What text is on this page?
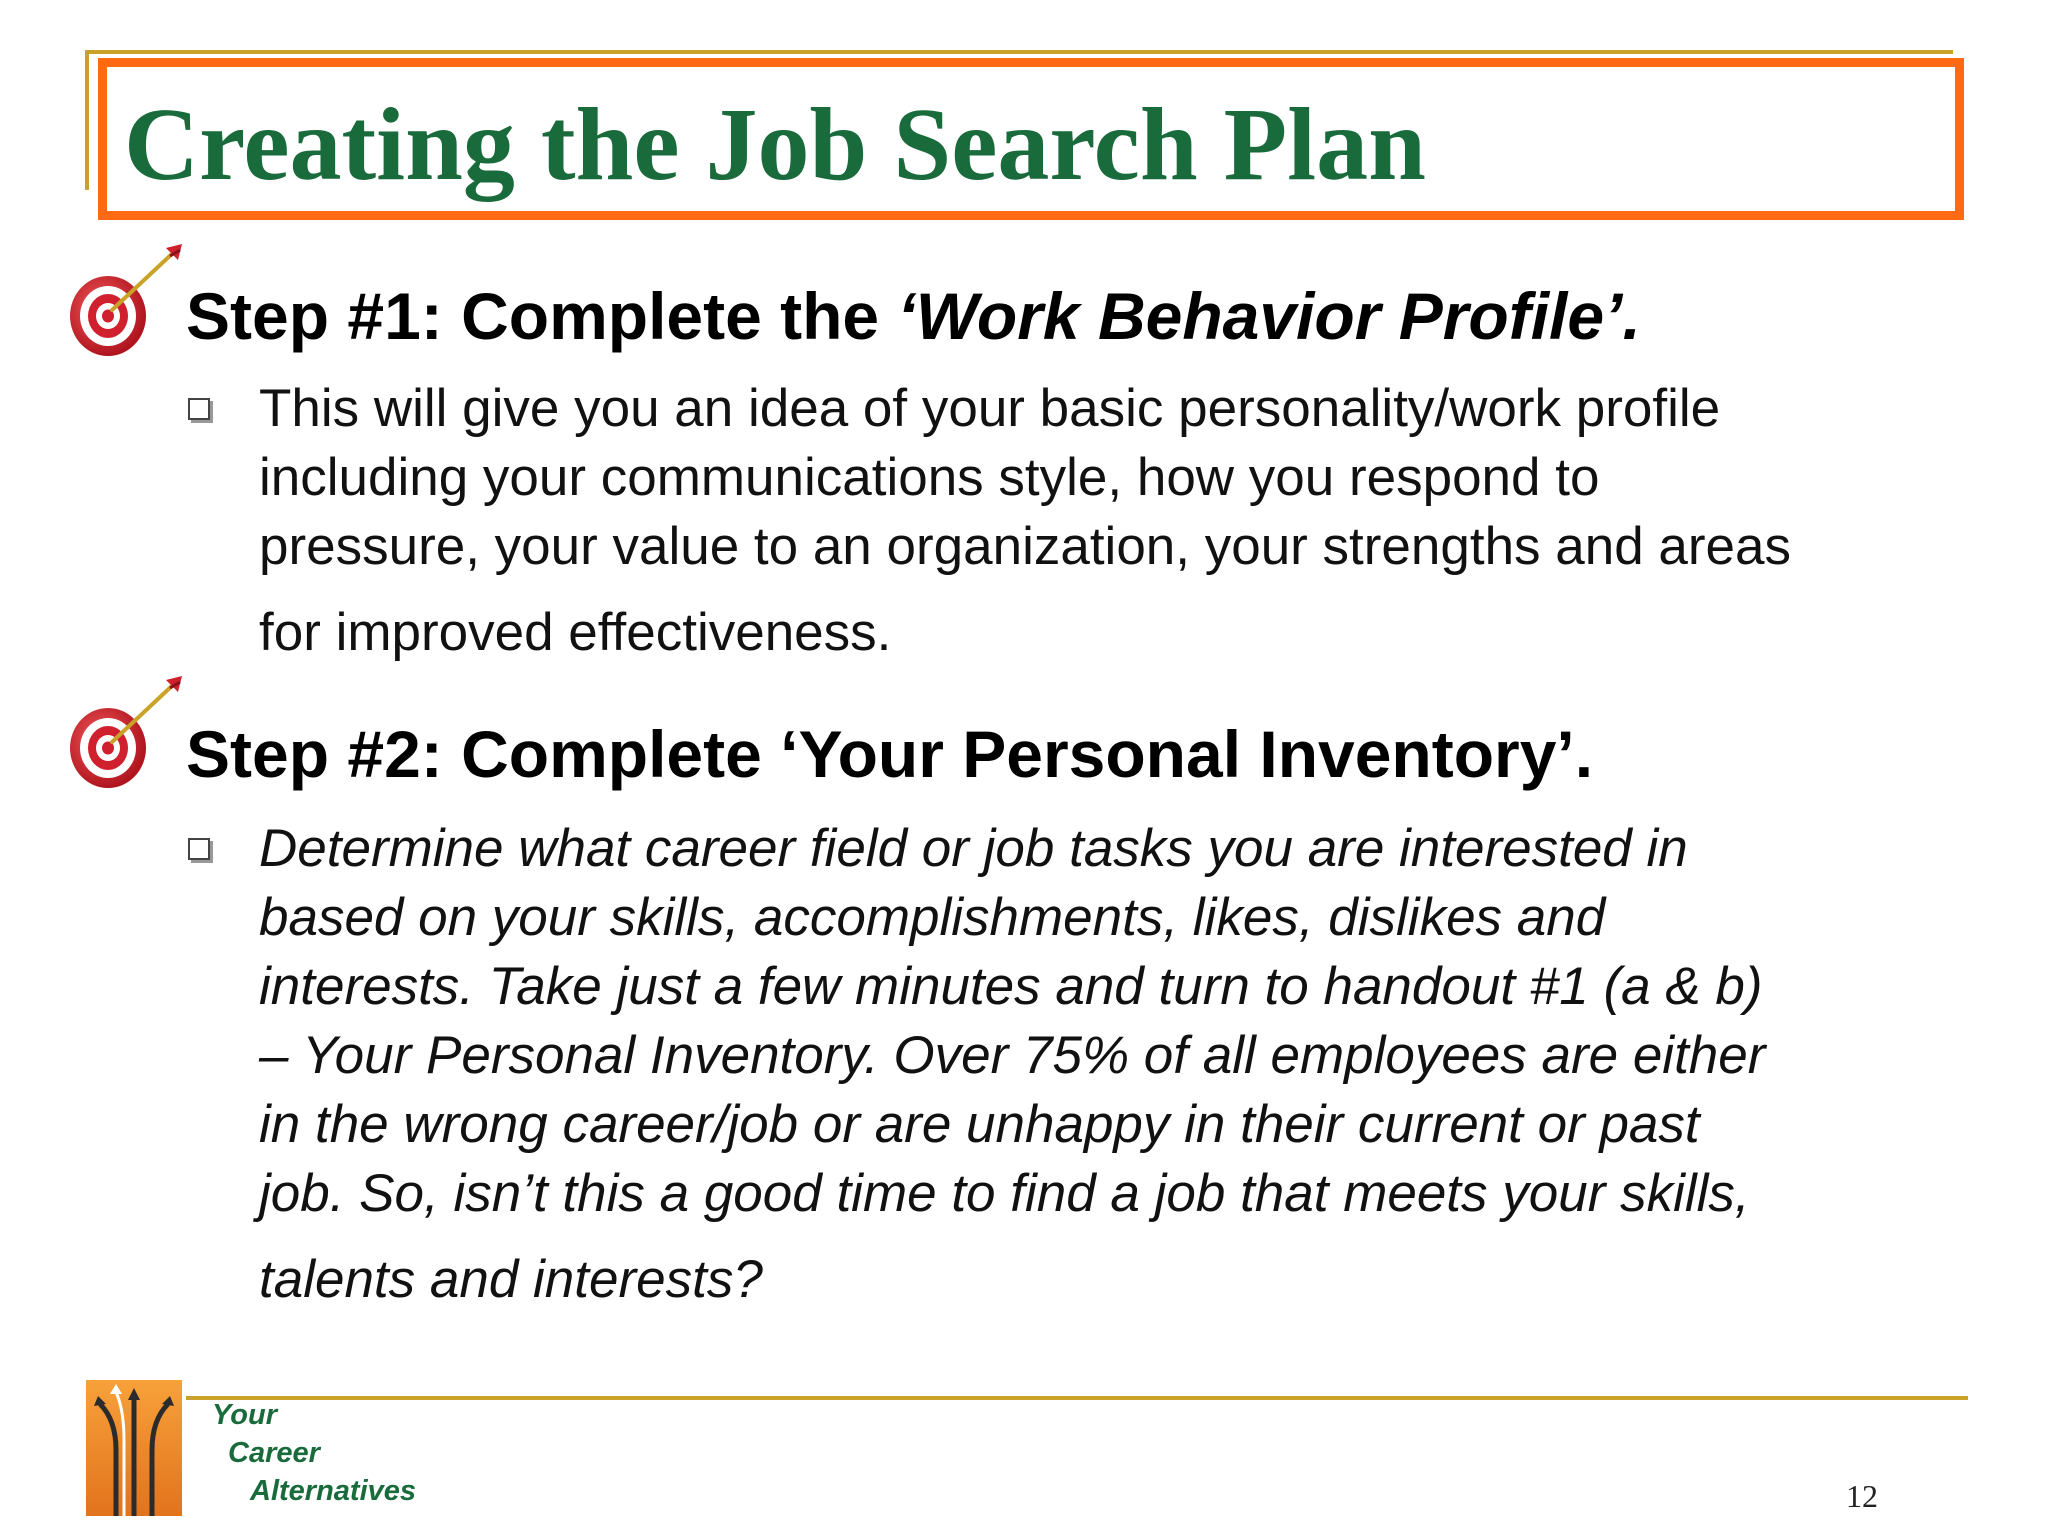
Creating the Job Search Plan
Step #1: Complete the ‘Work Behavior Profile’.

This will give you an idea of your basic personality/work profile
including your communications style, how you respond to
pressure, your value to an organization, your strengths and areas
for improved effectiveness.

Step #2: Complete ‘Your Personal Inventory’.

Determine what career field or job tasks you are interested in
based on your skills, accomplishments, likes, dislikes and
interests. Take just a few minutes and turn to handout #1 (a & b)
– Your Personal Inventory. Over 75% of all employees are either
in the wrong career/job or are unhappy in their current or past
job. So, isn’t this a good time to find a job that meets your skills,
talents and interests?

Your
Career
Alternatives	12
